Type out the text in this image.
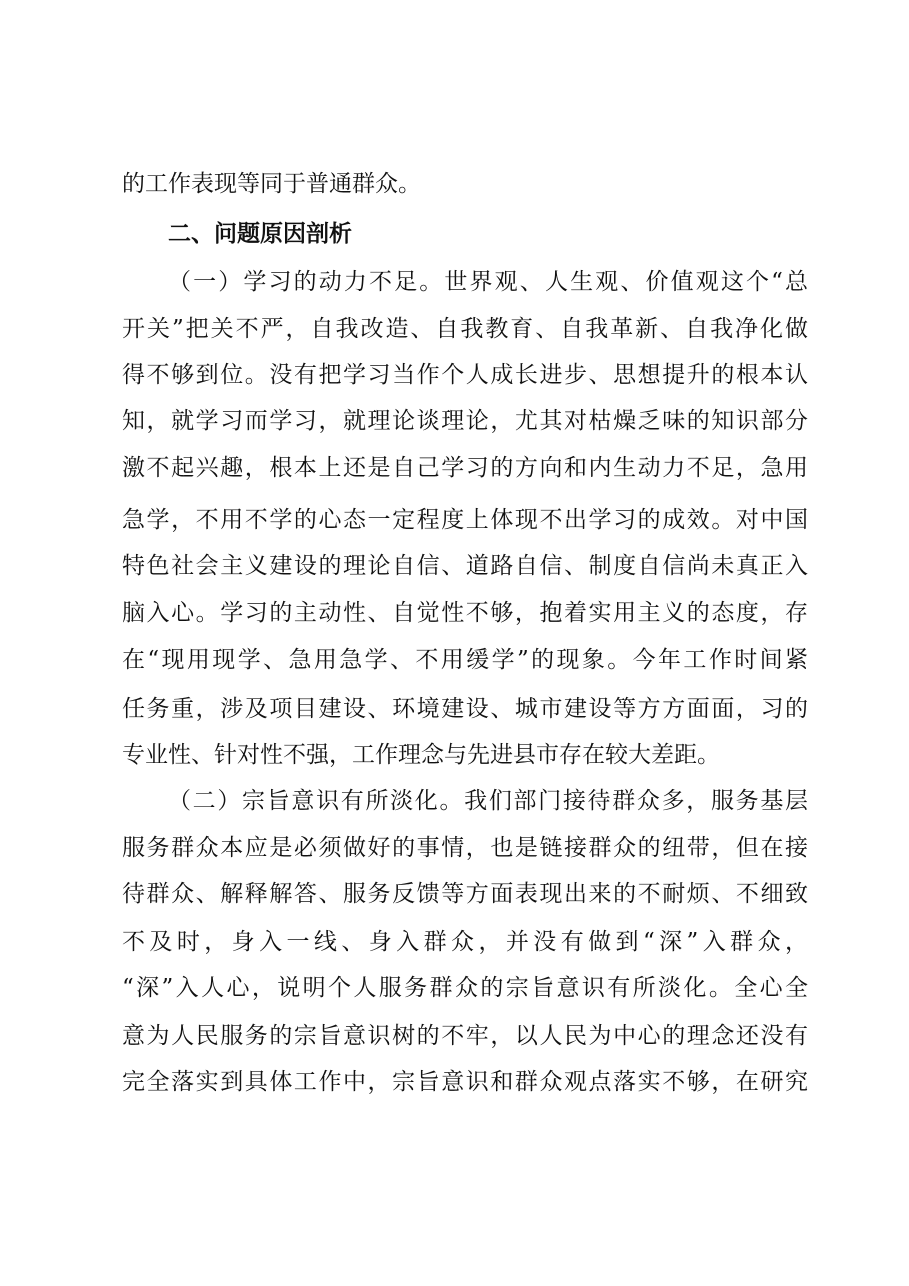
的工作表现等同于普通群众。
二、问题原因剖析
（一）学习的动力不足。世界观、人生观、价值观这个“总
开关”把关不严，自我改造、自我教育、自我革新、自我净化做
得不够到位。没有把学习当作个人成长进步、思想提升的根本认
知，就学习而学习，就理论谈理论，尤其对枯燥乏味的知识部分
激不起兴趣，根本上还是自己学习的方向和内生动力不足，急用
急学，不用不学的心态一定程度上体现不出学习的成效。对中国
特色社会主义建设的理论自信、道路自信、制度自信尚未真正入
脑入心。学习的主动性、自觉性不够，抱着实用主义的态度，存
在“现用现学、急用急学、不用缓学”的现象。今年工作时间紧
任务重，涉及项目建设、环境建设、城市建设等方方面面，习的
专业性、针对性不强，工作理念与先进县市存在较大差距。
（二）宗旨意识有所淡化。我们部门接待群众多，服务基层
服务群众本应是必须做好的事情，也是链接群众的纽带，但在接
待群众、解释解答、服务反馈等方面表现出来的不耐烦、不细致
不及时，身入一线、身入群众，并没有做到“深”入群众，
“深”入人心，说明个人服务群众的宗旨意识有所淡化。全心全
意为人民服务的宗旨意识树的不牢，以人民为中心的理念还没有
完全落实到具体工作中，宗旨意识和群众观点落实不够，在研究
